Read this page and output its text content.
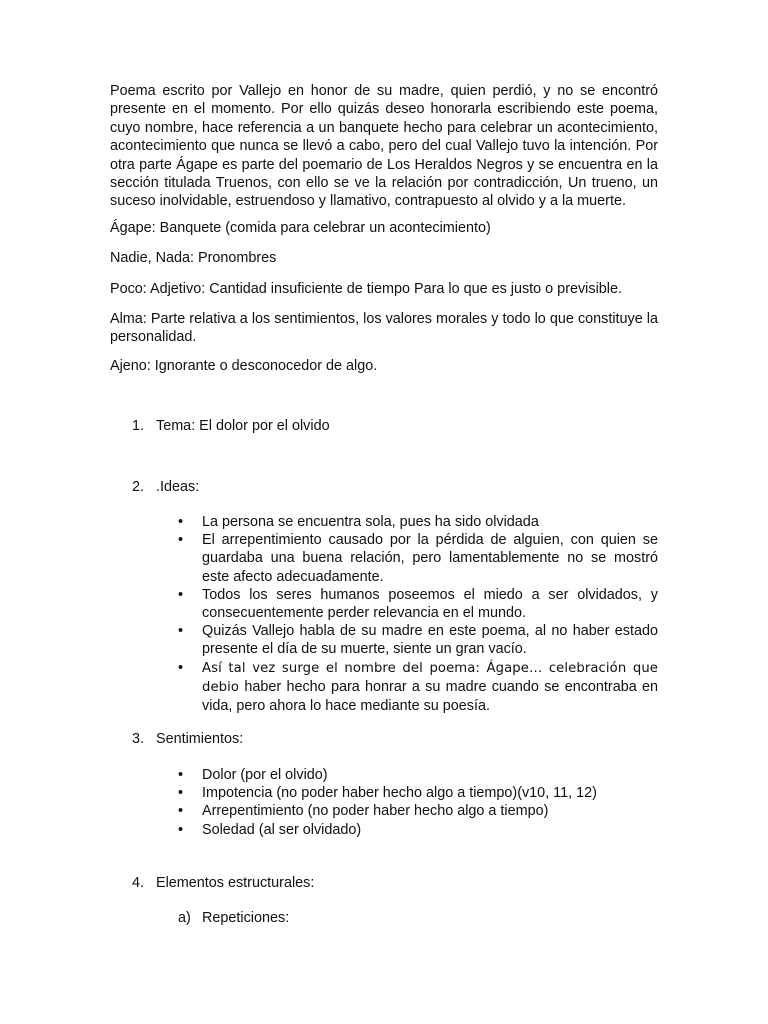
Poema escrito por Vallejo en honor de su madre, quien perdió, y no se encontró presente en el momento. Por ello quizás deseo honorarla escribiendo este poema, cuyo nombre, hace referencia a un banquete hecho para celebrar un acontecimiento, acontecimiento que nunca se llevó a cabo, pero del cual Vallejo tuvo la intención. Por otra parte Ágape es parte del poemario de Los Heraldos Negros y se encuentra en la sección titulada Truenos, con ello se ve la relación por contradicción, Un trueno, un suceso inolvidable, estruendoso y llamativo, contrapuesto al olvido y a la muerte.

Ágape: Banquete (comida para celebrar un acontecimiento)

Nadie, Nada: Pronombres

Poco: Adjetivo: Cantidad insuficiente de tiempo Para lo que es justo o previsible.

Alma: Parte relativa a los sentimientos, los valores morales y todo lo que constituye la personalidad.

Ajeno: Ignorante o desconocedor de algo.

1. Tema: El dolor por el olvido

2. .Ideas:

•	La persona se encuentra sola, pues ha sido olvidada
•	El arrepentimiento causado por la pérdida de alguien, con quien se guardaba una buena relación, pero lamentablemente no se mostró este afecto adecuadamente.
•	Todos los seres humanos poseemos el miedo a ser olvidados, y consecuentemente perder relevancia en el mundo.
•	Quizás Vallejo habla de su madre en este poema, al no haber estado presente el día de su muerte, siente un gran vacío.
•	Así tal vez surge el nombre del poema: Ágape… celebración que debio haber hecho para honrar a su madre cuando se encontraba en vida, pero ahora lo hace mediante su poesía.

3. Sentimientos:

•	Dolor (por el olvido)
•	Impotencia (no poder haber hecho algo a tiempo)(v10, 11, 12)
•	Arrepentimiento (no poder haber hecho algo a tiempo)
•	Soledad (al ser olvidado)

4. Elementos estructurales:

a) Repeticiones:
